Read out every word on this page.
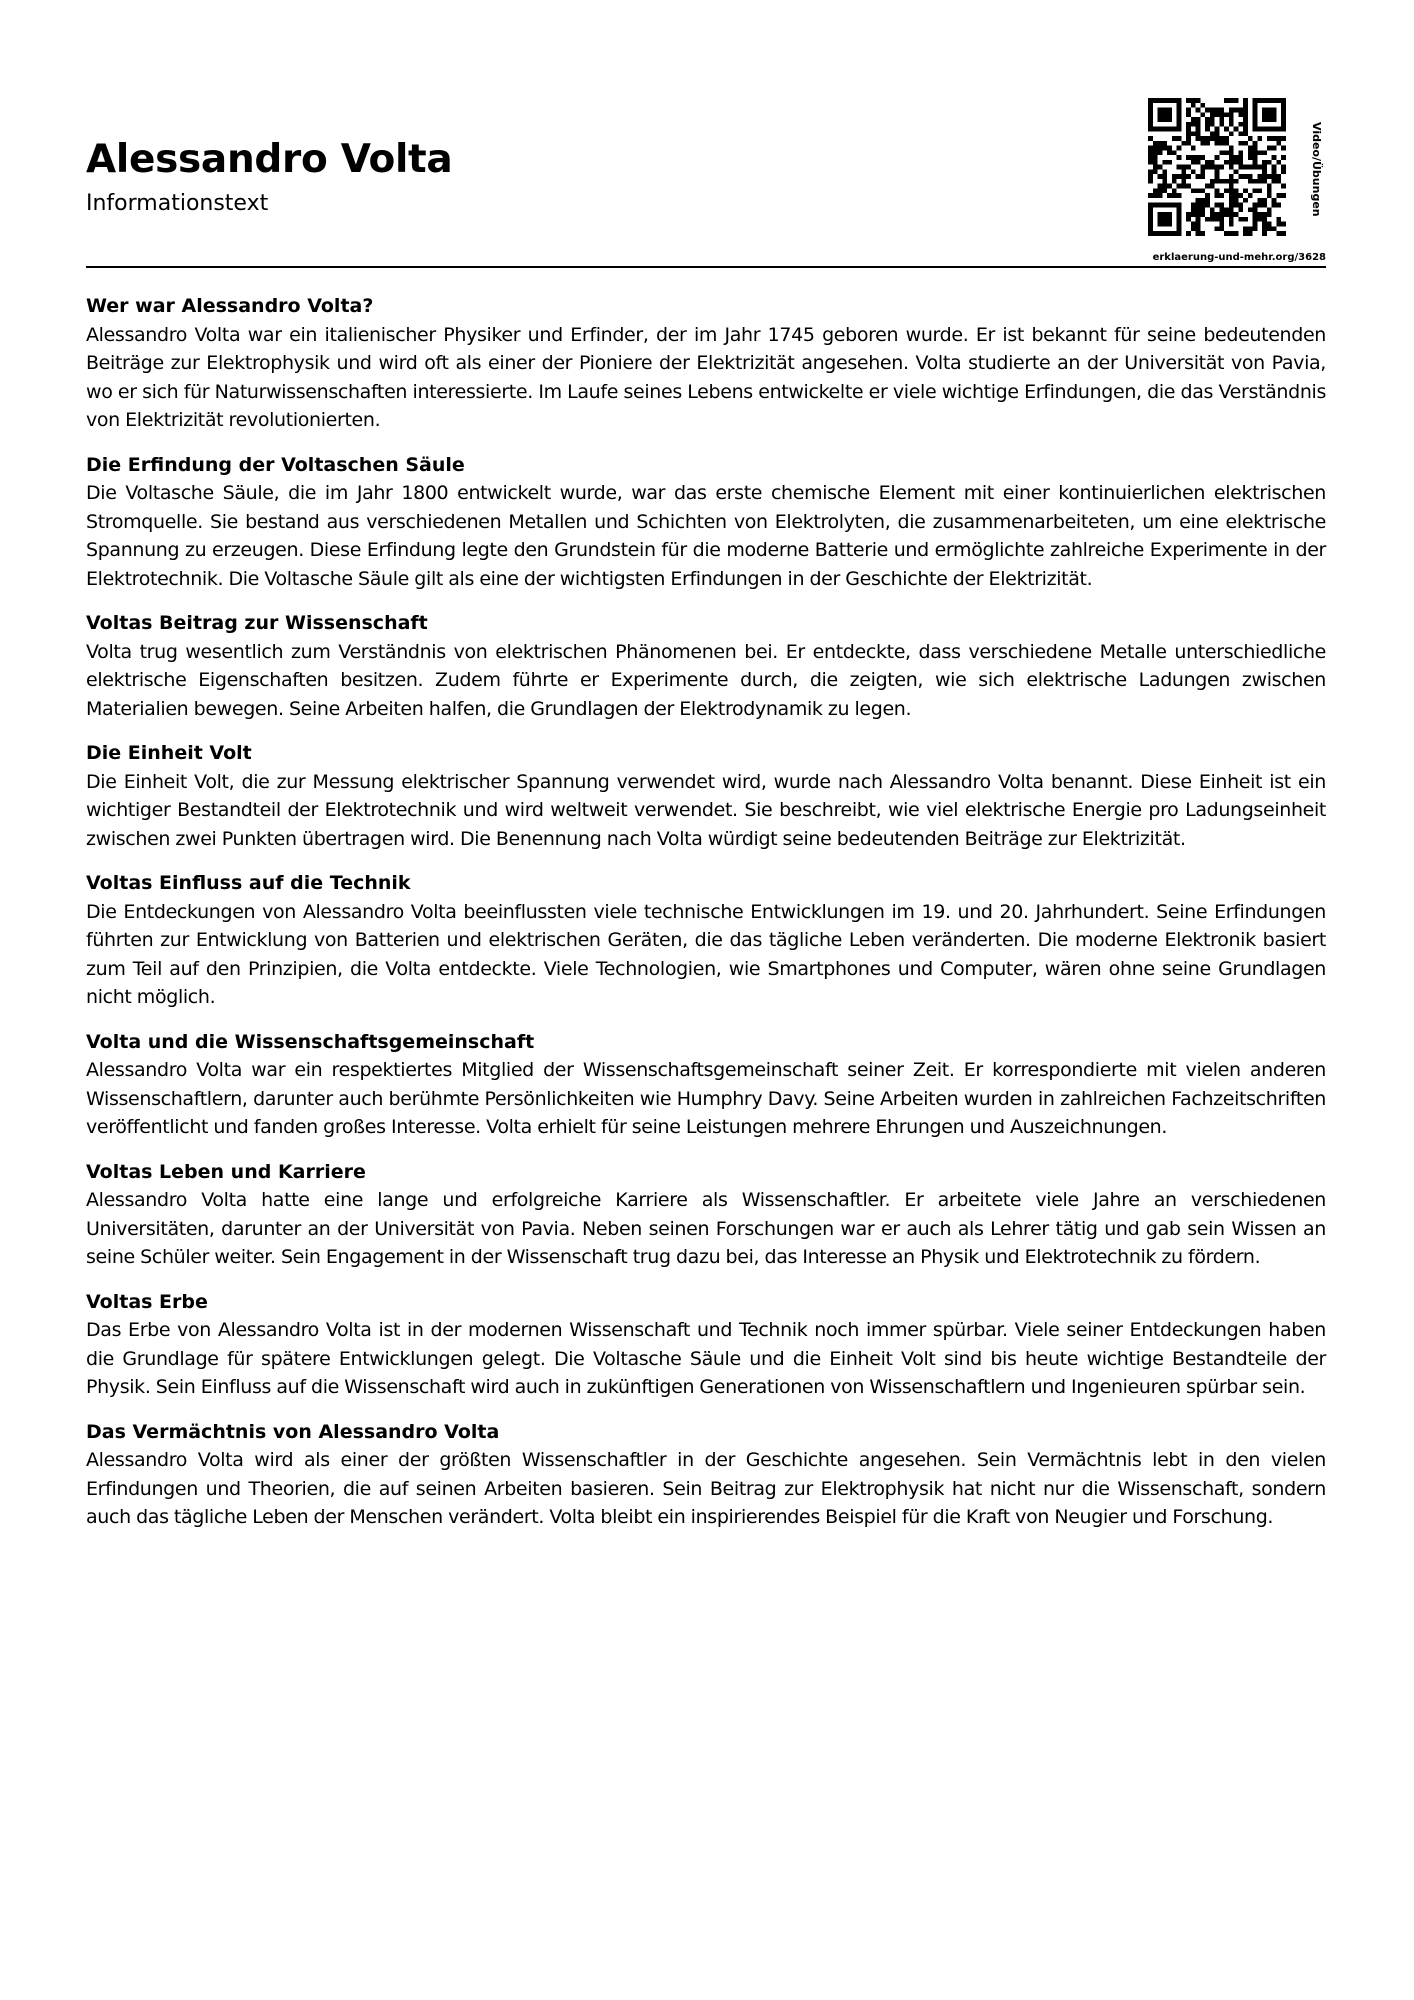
Alessandro Volta
Informationstext	Video/Übungen
erklaerung-und-mehr.org/3628
Wer war Alessandro Volta?

Alessandro Volta war ein italienischer Physiker und Erfinder, der im Jahr 1745 geboren wurde. Er ist bekannt für seine bedeutenden Beiträge zur Elektrophysik und wird oft als einer der Pioniere der Elektrizität angesehen. Volta studierte an der Universität von Pavia, wo er sich für Naturwissenschaften interessierte. Im Laufe seines Lebens entwickelte er viele wichtige Erfindungen, die das Verständnis von Elektrizität revolutionierten.

Die Erfindung der Voltaschen Säule

Die Voltasche Säule, die im Jahr 1800 entwickelt wurde, war das erste chemische Element mit einer kontinuierlichen elektrischen Stromquelle. Sie bestand aus verschiedenen Metallen und Schichten von Elektrolyten, die zusammenarbeiteten, um eine elektrische Spannung zu erzeugen. Diese Erfindung legte den Grundstein für die moderne Batterie und ermöglichte zahlreiche Experimente in der Elektrotechnik. Die Voltasche Säule gilt als eine der wichtigsten Erfindungen in der Geschichte der Elektrizität.

Voltas Beitrag zur Wissenschaft

Volta trug wesentlich zum Verständnis von elektrischen Phänomenen bei. Er entdeckte, dass verschiedene Metalle unterschiedliche elektrische Eigenschaften besitzen. Zudem führte er Experimente durch, die zeigten, wie sich elektrische Ladungen zwischen Materialien bewegen. Seine Arbeiten halfen, die Grundlagen der Elektrodynamik zu legen.

Die Einheit Volt

Die Einheit Volt, die zur Messung elektrischer Spannung verwendet wird, wurde nach Alessandro Volta benannt. Diese Einheit ist ein wichtiger Bestandteil der Elektrotechnik und wird weltweit verwendet. Sie beschreibt, wie viel elektrische Energie pro Ladungseinheit zwischen zwei Punkten übertragen wird. Die Benennung nach Volta würdigt seine bedeutenden Beiträge zur Elektrizität.

Voltas Einfluss auf die Technik

Die Entdeckungen von Alessandro Volta beeinflussten viele technische Entwicklungen im 19. und 20. Jahrhundert. Seine Erfindungen führten zur Entwicklung von Batterien und elektrischen Geräten, die das tägliche Leben veränderten. Die moderne Elektronik basiert zum Teil auf den Prinzipien, die Volta entdeckte. Viele Technologien, wie Smartphones und Computer, wären ohne seine Grundlagen nicht möglich.

Volta und die Wissenschaftsgemeinschaft

Alessandro Volta war ein respektiertes Mitglied der Wissenschaftsgemeinschaft seiner Zeit. Er korrespondierte mit vielen anderen Wissenschaftlern, darunter auch berühmte Persönlichkeiten wie Humphry Davy. Seine Arbeiten wurden in zahlreichen Fachzeitschriften veröffentlicht und fanden großes Interesse. Volta erhielt für seine Leistungen mehrere Ehrungen und Auszeichnungen.

Voltas Leben und Karriere

Alessandro Volta hatte eine lange und erfolgreiche Karriere als Wissenschaftler. Er arbeitete viele Jahre an verschiedenen Universitäten, darunter an der Universität von Pavia. Neben seinen Forschungen war er auch als Lehrer tätig und gab sein Wissen an seine Schüler weiter. Sein Engagement in der Wissenschaft trug dazu bei, das Interesse an Physik und Elektrotechnik zu fördern.

Voltas Erbe

Das Erbe von Alessandro Volta ist in der modernen Wissenschaft und Technik noch immer spürbar. Viele seiner Entdeckungen haben die Grundlage für spätere Entwicklungen gelegt. Die Voltasche Säule und die Einheit Volt sind bis heute wichtige Bestandteile der Physik. Sein Einfluss auf die Wissenschaft wird auch in zukünftigen Generationen von Wissenschaftlern und Ingenieuren spürbar sein.

Das Vermächtnis von Alessandro Volta

Alessandro Volta wird als einer der größten Wissenschaftler in der Geschichte angesehen. Sein Vermächtnis lebt in den vielen Erfindungen und Theorien, die auf seinen Arbeiten basieren. Sein Beitrag zur Elektrophysik hat nicht nur die Wissenschaft, sondern auch das tägliche Leben der Menschen verändert. Volta bleibt ein inspirierendes Beispiel für die Kraft von Neugier und Forschung.
